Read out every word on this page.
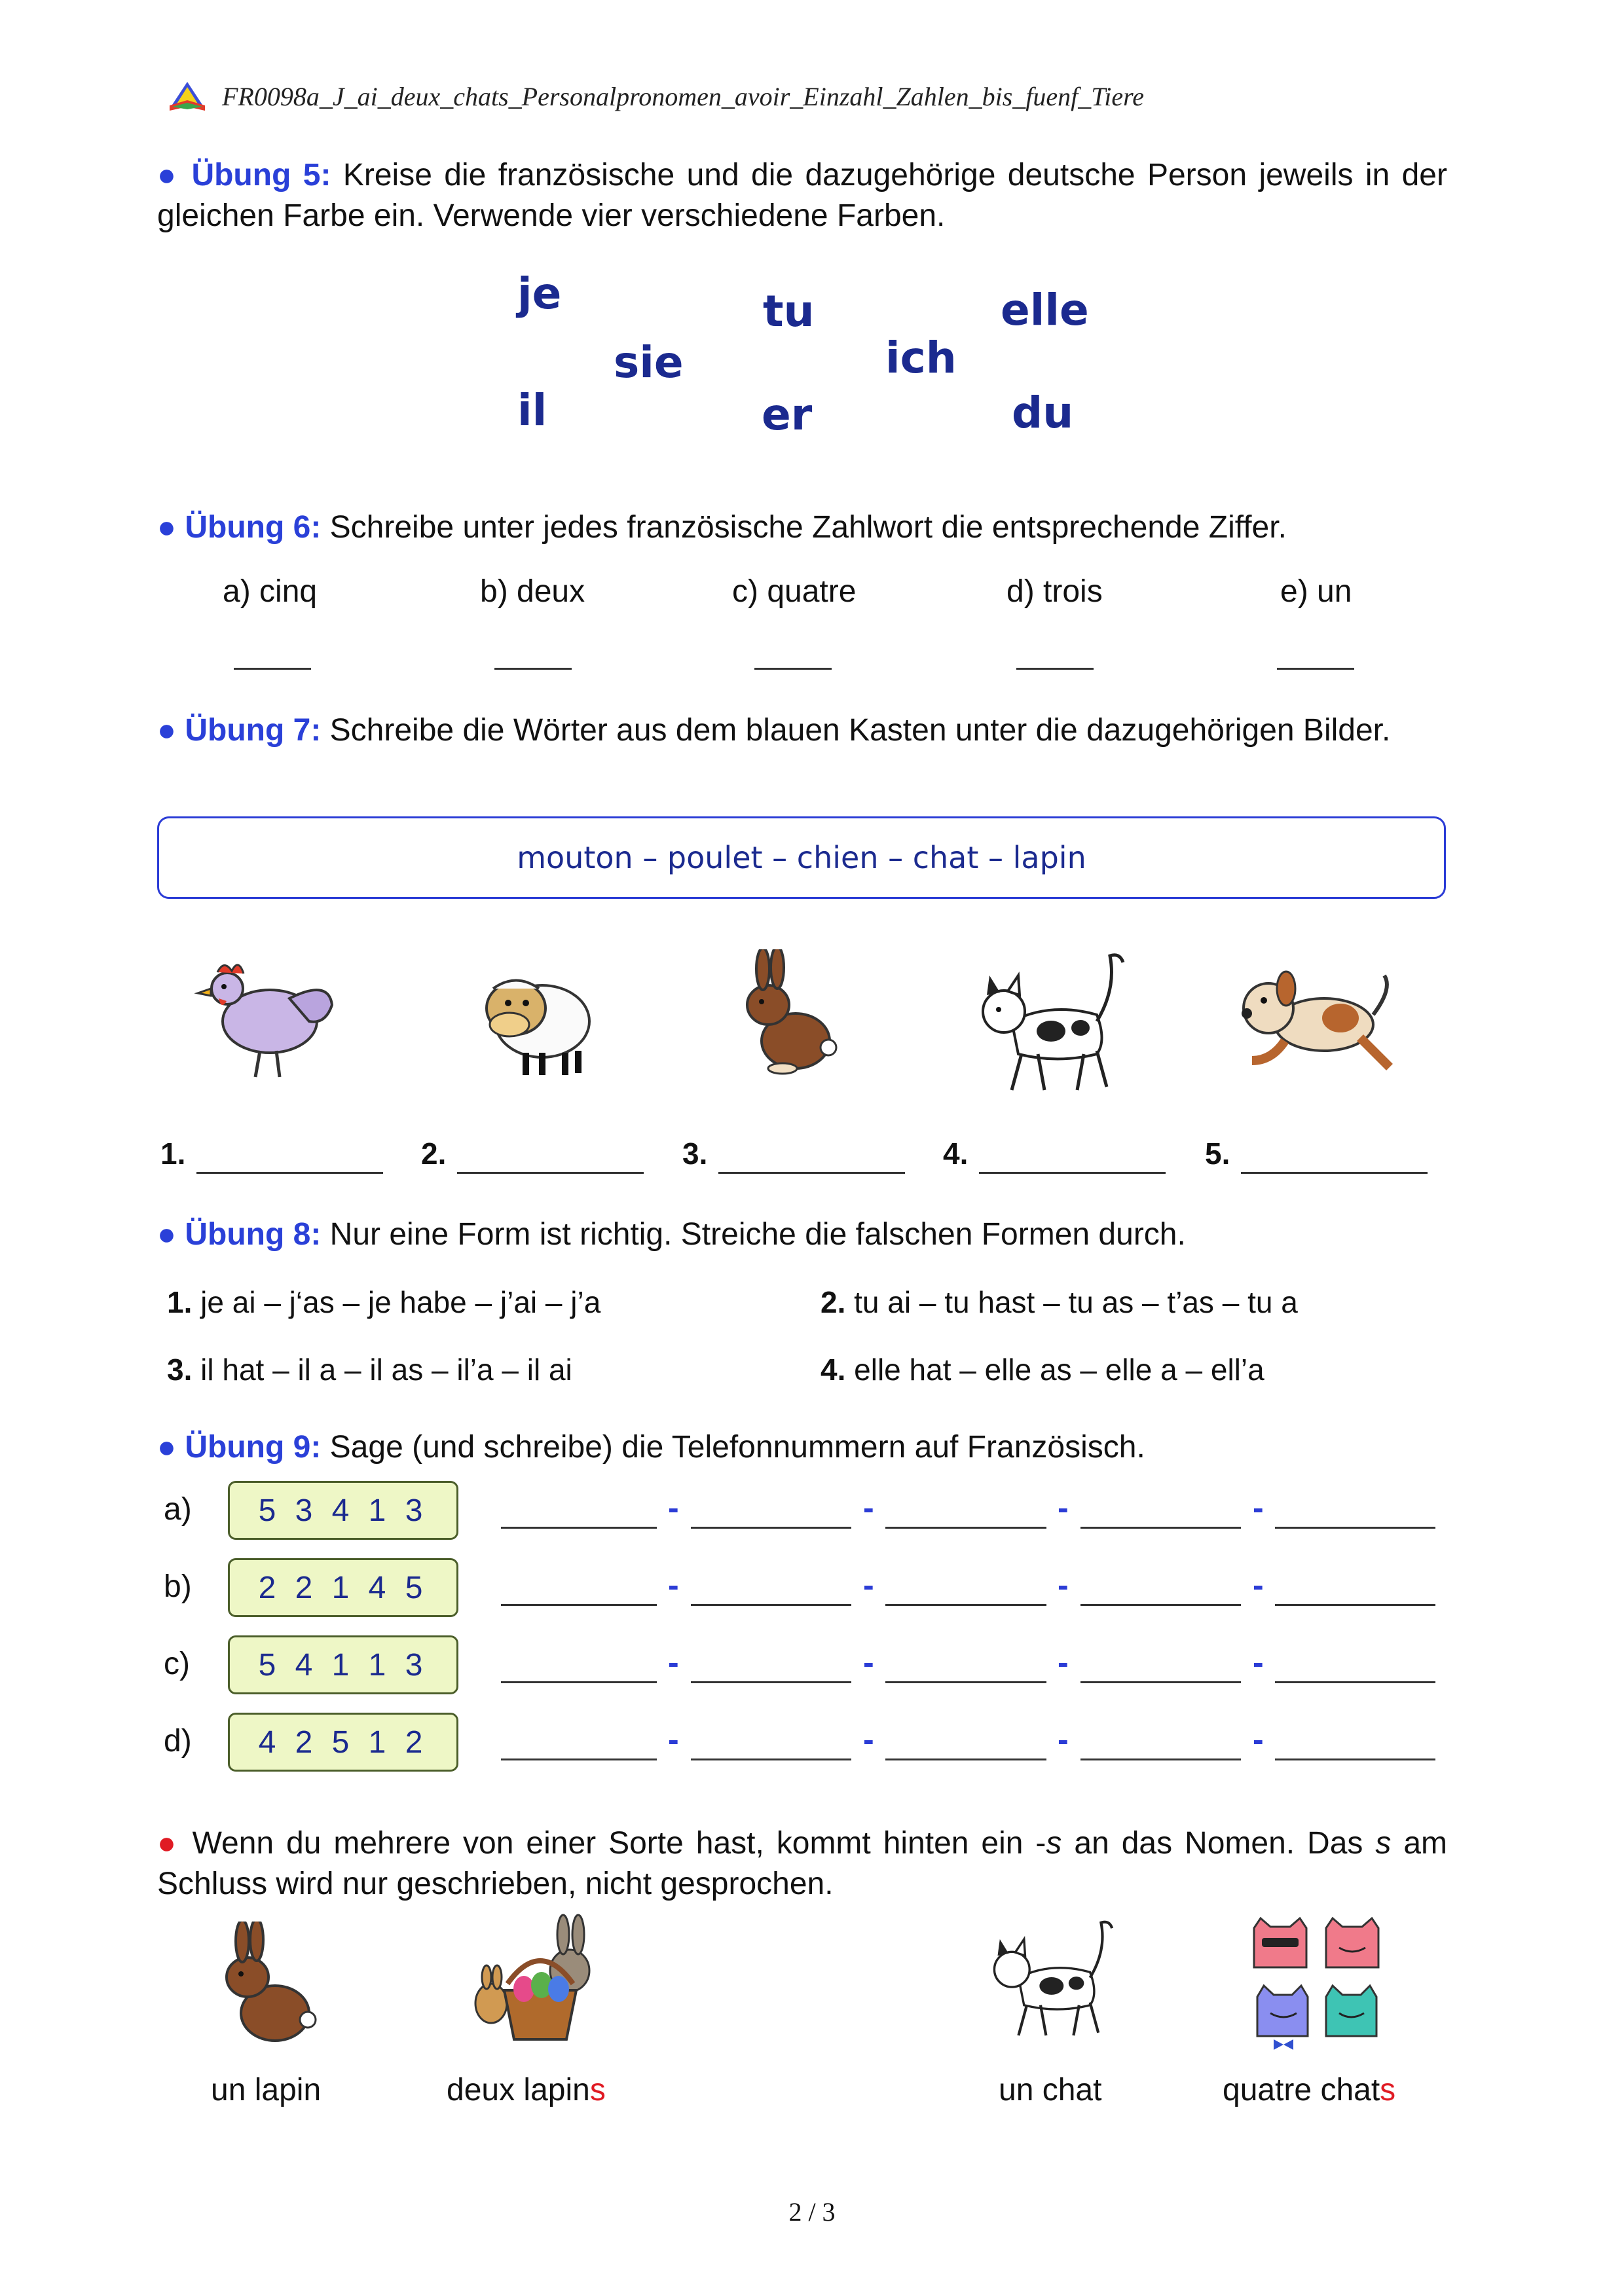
FR0098a_J_ai_deux_chats_Personalpronomen_avoir_Einzahl_Zahlen_bis_fuenf_Tiere
● Übung 5: Kreise die französische und die dazugehörige deutsche Person jeweils in der gleichen Farbe ein. Verwende vier verschiedene Farben.
je
sie
il
tu
er
ich
elle
du
● Übung 6: Schreibe unter jedes französische Zahlwort die entsprechende Ziffer.
a) cinq	b) deux	c) quatre	d) trois	e) un
● Übung 7: Schreibe die Wörter aus dem blauen Kasten unter die dazugehörigen Bilder.
mouton – poulet – chien – chat – lapin
1.	2.	3.	4.	5.
● Übung 8: Nur eine Form ist richtig. Streiche die falschen Formen durch.
1. je ai – j‘as – je habe – j’ai – j’a	2. tu ai – tu hast – tu as – t’as – tu a
3. il hat – il a – il as – il’a – il ai	4. elle hat – elle as – elle a – ell’a
● Übung 9: Sage (und schreibe) die Telefonnummern auf Französisch.
a)	5 3 4 1 3	-	-	-	-
b)	2 2 1 4 5	-	-	-	-
c)	5 4 1 1 3	-	-	-	-
d)	4 2 5 1 2	-	-	-	-
● Wenn du mehrere von einer Sorte hast, kommt hinten ein -s an das Nomen. Das s am Schluss wird nur geschrieben, nicht gesprochen.
un lapin	deux lapins	un chat	quatre chats
2 / 3
